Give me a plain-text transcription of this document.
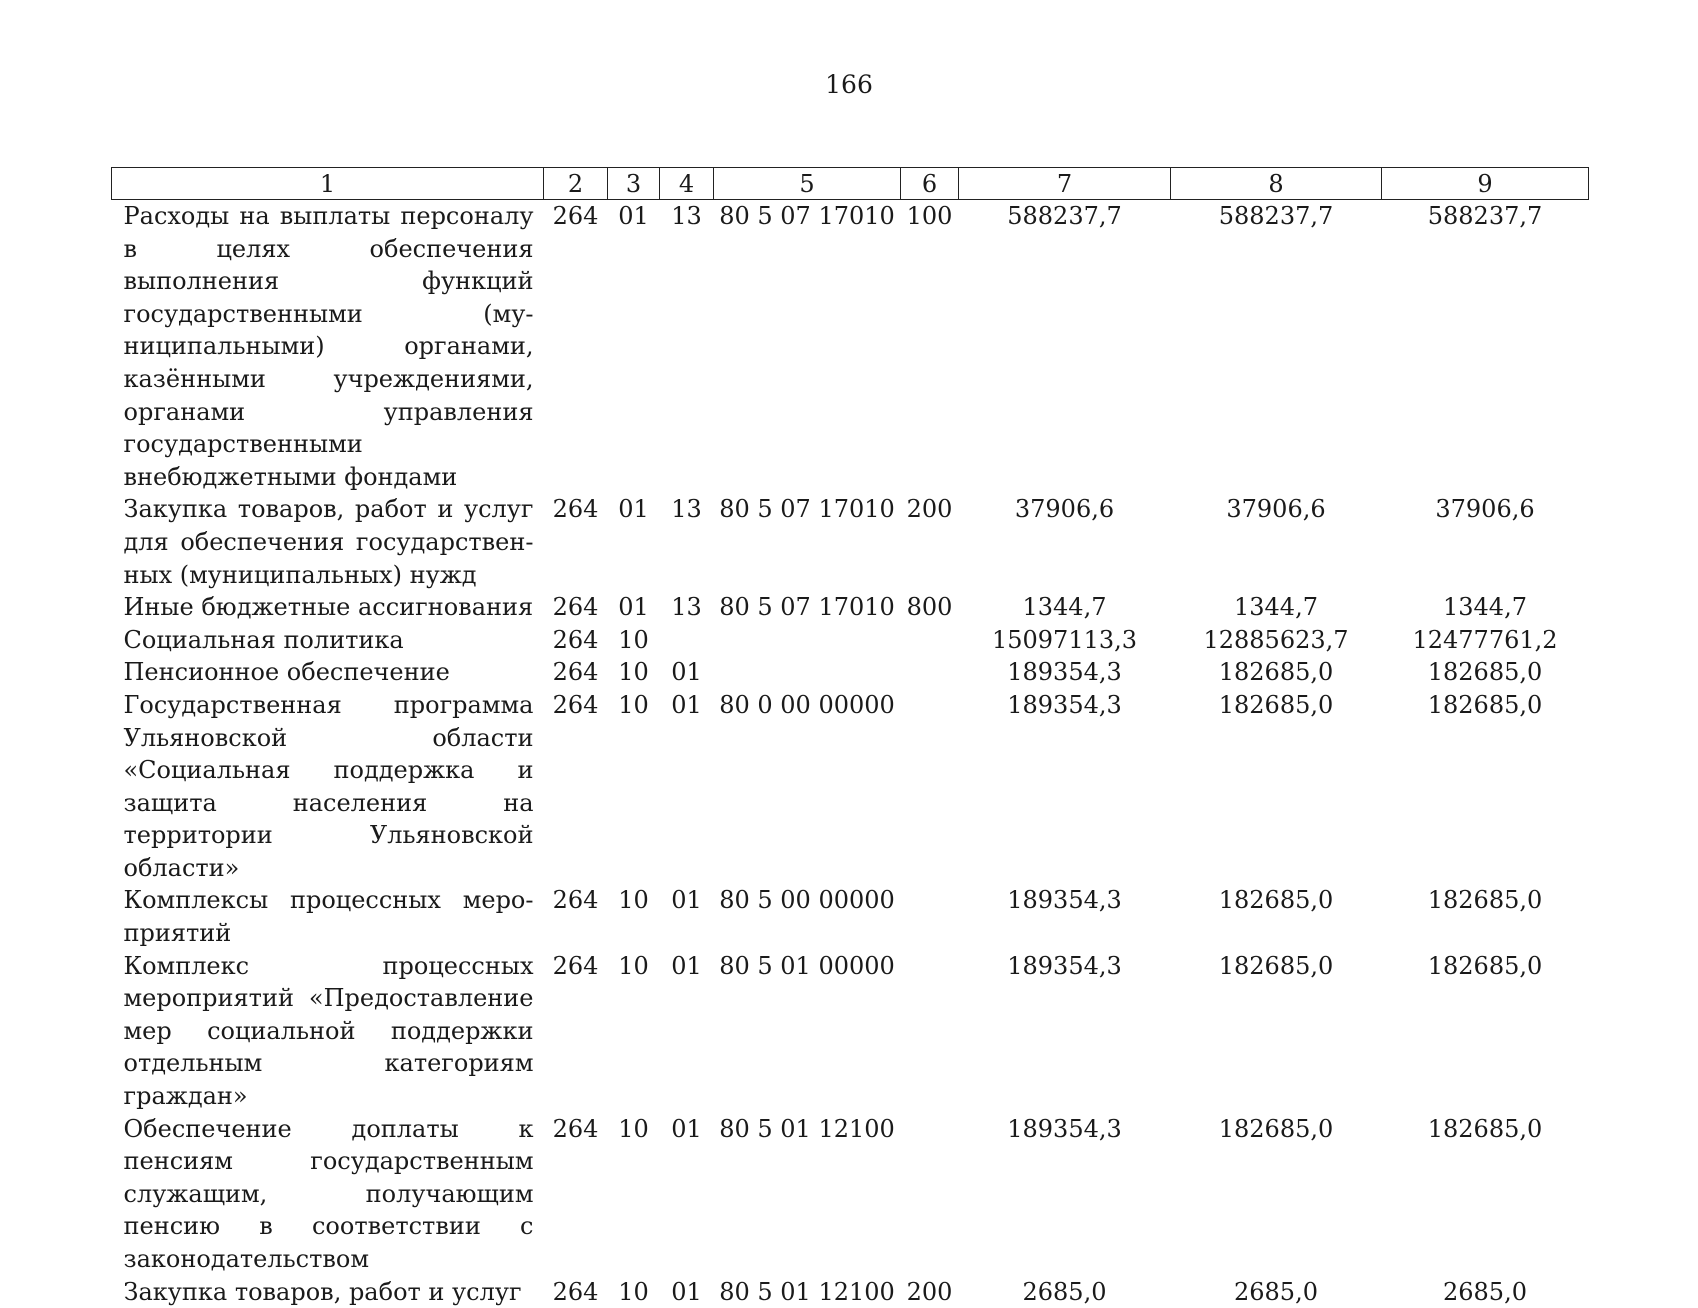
166
1	2	3	4	5	6	7	8	9
Расходы на выплаты персоналу в целях обеспечения выполнения функций государственными (муниципальными) органами, казёнными учреждениями, органами управления государственными внебюджетными фондами	264	01	13	80 5 07 17010	100	588237,7	588237,7	588237,7
Закупка товаров, работ и услуг для обеспечения государственных (муниципальных) нужд	264	01	13	80 5 07 17010	200	37906,6	37906,6	37906,6
Иные бюджетные ассигнования	264	01	13	80 5 07 17010	800	1344,7	1344,7	1344,7
Социальная политика	264	10				15097113,3	12885623,7	12477761,2
Пенсионное обеспечение	264	10	01			189354,3	182685,0	182685,0
Государственная программа Ульяновской области «Социальная поддержка и защита населения на территории Ульяновской области»	264	10	01	80 0 00 00000		189354,3	182685,0	182685,0
Комплексы процессных мероприятий	264	10	01	80 5 00 00000		189354,3	182685,0	182685,0
Комплекс процессных мероприятий «Предоставление мер социальной поддержки отдельным категориям граждан»	264	10	01	80 5 01 00000		189354,3	182685,0	182685,0
Обеспечение доплаты к пенсиям государственным служащим, получающим пенсию в соответствии с законодательством	264	10	01	80 5 01 12100		189354,3	182685,0	182685,0
Закупка товаров, работ и услуг	264	10	01	80 5 01 12100	200	2685,0	2685,0	2685,0
